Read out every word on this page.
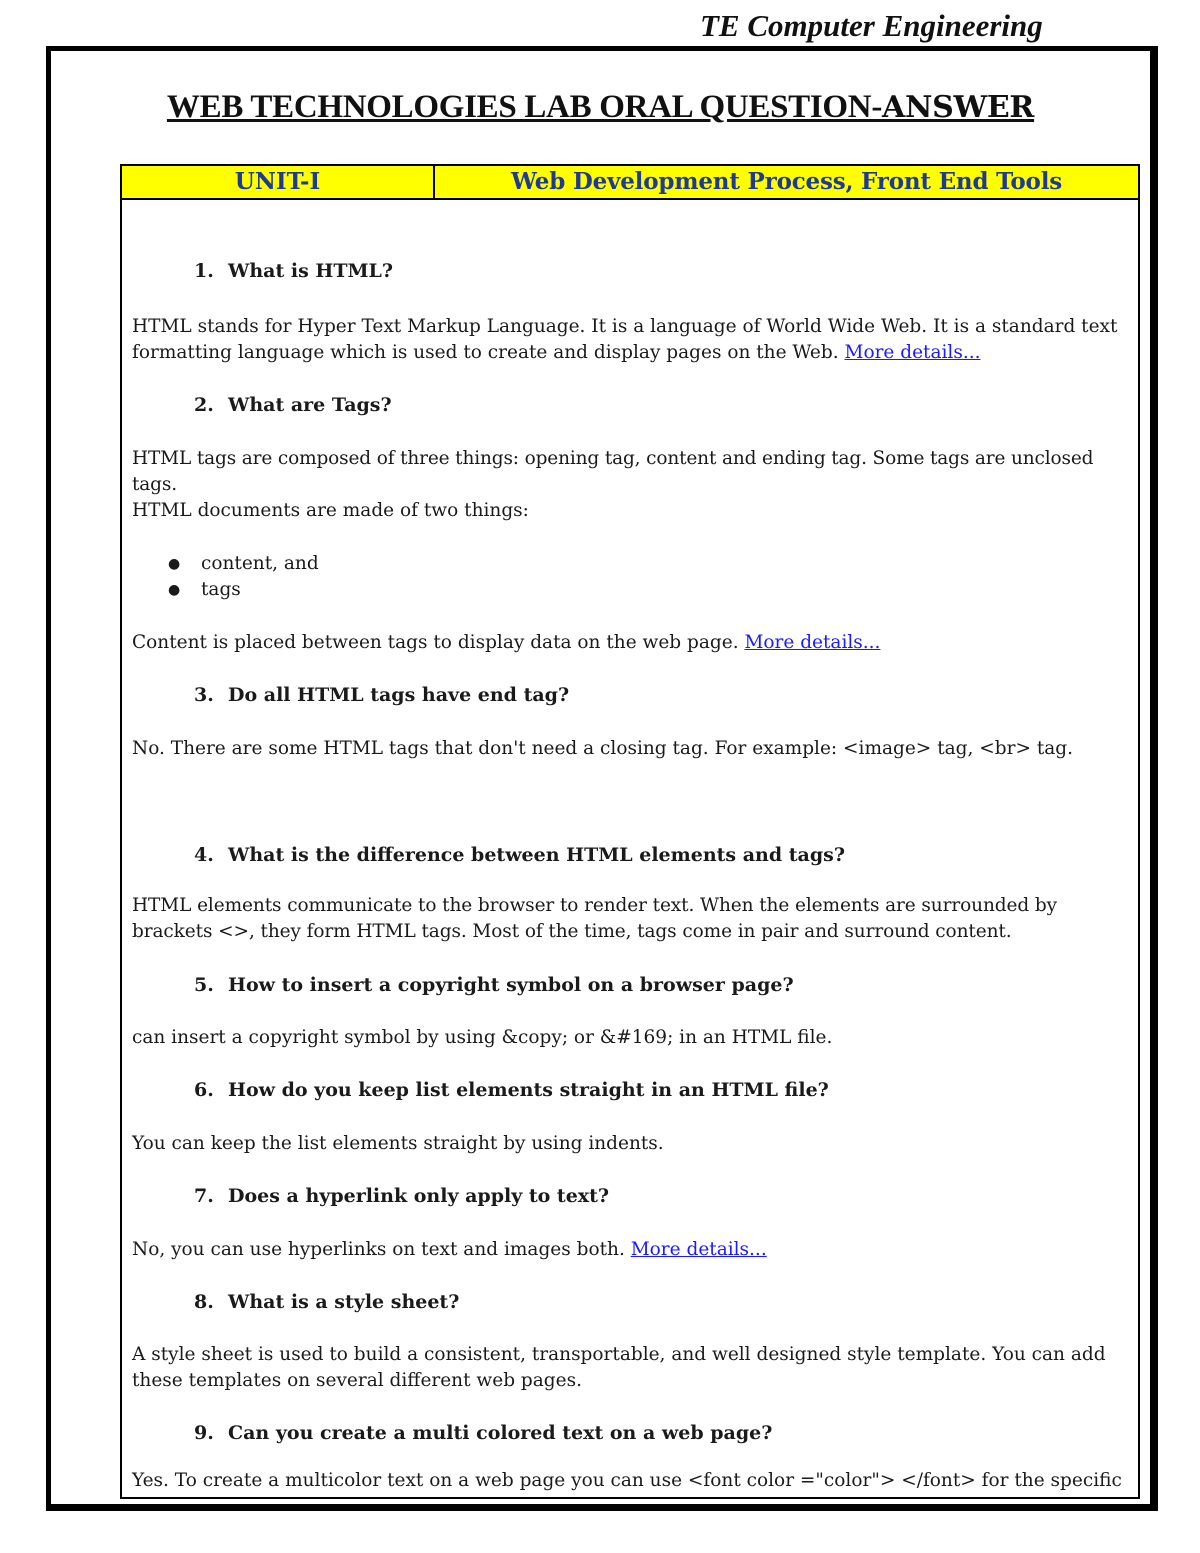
TE Computer Engineering
WEB TECHNOLOGIES LAB ORAL QUESTION-ANSWER
UNIT-I	Web Development Process, Front End Tools
1. What is HTML?
HTML stands for Hyper Text Markup Language. It is a language of World Wide Web. It is a standard text formatting language which is used to create and display pages on the Web. More details...
2. What are Tags?
HTML tags are composed of three things: opening tag, content and ending tag. Some tags are unclosed tags.
HTML documents are made of two things:
● content, and
● tags
Content is placed between tags to display data on the web page. More details...
3. Do all HTML tags have end tag?
No. There are some HTML tags that don't need a closing tag. For example: <image> tag, <br> tag.
4. What is the difference between HTML elements and tags?
HTML elements communicate to the browser to render text. When the elements are surrounded by brackets <>, they form HTML tags. Most of the time, tags come in pair and surround content.
5. How to insert a copyright symbol on a browser page?
can insert a copyright symbol by using &copy; or &#169; in an HTML file.
6. How do you keep list elements straight in an HTML file?
You can keep the list elements straight by using indents.
7. Does a hyperlink only apply to text?
No, you can use hyperlinks on text and images both. More details...
8. What is a style sheet?
A style sheet is used to build a consistent, transportable, and well designed style template. You can add these templates on several different web pages.
9. Can you create a multi colored text on a web page?
Yes. To create a multicolor text on a web page you can use <font color ="color"> </font> for the specific
